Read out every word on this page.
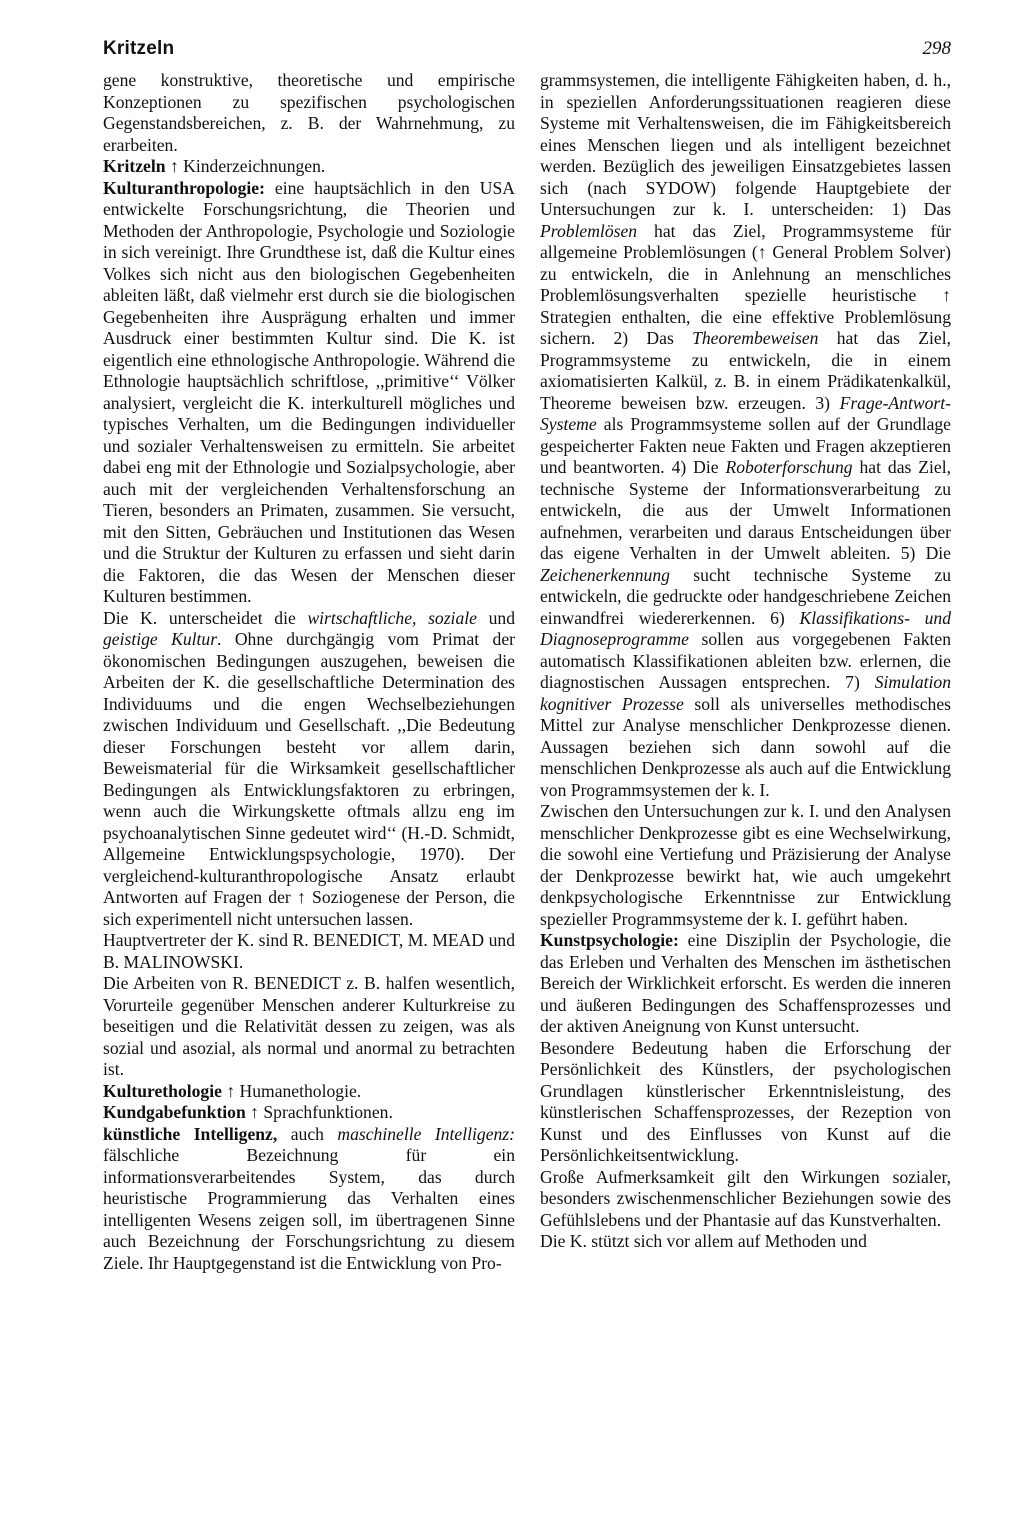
Kritzeln	298

gene konstruktive, theoretische und empirische Konzeptionen zu spezifischen psychologischen Gegenstandsbereichen, z. B. der Wahrnehmung, zu erarbeiten.

Kritzeln ↑ Kinderzeichnungen.

Kulturanthropologie: eine hauptsächlich in den USA entwickelte Forschungsrichtung, die Theorien und Methoden der Anthropologie, Psychologie und Soziologie in sich vereinigt. Ihre Grundthese ist, daß die Kultur eines Volkes sich nicht aus den biologischen Gegebenheiten ableiten läßt, daß vielmehr erst durch sie die biologischen Gegebenheiten ihre Ausprägung erhalten und immer Ausdruck einer bestimmten Kultur sind. Die K. ist eigentlich eine ethnologische Anthropologie. Während die Ethnologie hauptsächlich schriftlose, ,,primitive‘‘ Völker analysiert, vergleicht die K. interkulturell mögliches und typisches Verhalten, um die Bedingungen individueller und sozialer Verhaltensweisen zu ermitteln. Sie arbeitet dabei eng mit der Ethnologie und Sozialpsychologie, aber auch mit der vergleichenden Verhaltensforschung an Tieren, besonders an Primaten, zusammen. Sie versucht, mit den Sitten, Gebräuchen und Institutionen das Wesen und die Struktur der Kulturen zu erfassen und sieht darin die Faktoren, die das Wesen der Menschen dieser Kulturen bestimmen.

Die K. unterscheidet die wirtschaftliche, soziale und geistige Kultur. Ohne durchgängig vom Primat der ökonomischen Bedingungen auszugehen, beweisen die Arbeiten der K. die gesellschaftliche Determination des Individuums und die engen Wechselbeziehungen zwischen Individuum und Gesellschaft. ,,Die Bedeutung dieser Forschungen besteht vor allem darin, Beweismaterial für die Wirksamkeit gesellschaftlicher Bedingungen als Entwicklungsfaktoren zu erbringen, wenn auch die Wirkungskette oftmals allzu eng im psychoanalytischen Sinne gedeutet wird‘‘ (H.-D. Schmidt, Allgemeine Entwicklungspsychologie, 1970). Der vergleichend-kulturanthropologische Ansatz erlaubt Antworten auf Fragen der ↑ Soziogenese der Person, die sich experimentell nicht untersuchen lassen.

Hauptvertreter der K. sind R. BENEDICT, M. MEAD und B. MALINOWSKI.

Die Arbeiten von R. BENEDICT z. B. halfen wesentlich, Vorurteile gegenüber Menschen anderer Kulturkreise zu beseitigen und die Relativität dessen zu zeigen, was als sozial und asozial, als normal und anormal zu betrachten ist.

Kulturethologie ↑ Humanethologie.

Kundgabefunktion ↑ Sprachfunktionen.

künstliche Intelligenz, auch maschinelle Intelligenz: fälschliche Bezeichnung für ein informationsverarbeitendes System, das durch heuristische Programmierung das Verhalten eines intelligenten Wesens zeigen soll, im übertragenen Sinne auch Bezeichnung der Forschungsrichtung zu diesem Ziele. Ihr Hauptgegenstand ist die Entwicklung von Pro-

grammsystemen, die intelligente Fähigkeiten haben, d. h., in speziellen Anforderungssituationen reagieren diese Systeme mit Verhaltensweisen, die im Fähigkeitsbereich eines Menschen liegen und als intelligent bezeichnet werden. Bezüglich des jeweiligen Einsatzgebietes lassen sich (nach SYDOW) folgende Hauptgebiete der Untersuchungen zur k. I. unterscheiden: 1) Das Problemlösen hat das Ziel, Programmsysteme für allgemeine Problemlösungen (↑ General Problem Solver) zu entwickeln, die in Anlehnung an menschliches Problemlösungsverhalten spezielle heuristische ↑ Strategien enthalten, die eine effektive Problemlösung sichern. 2) Das Theorembeweisen hat das Ziel, Programmsysteme zu entwickeln, die in einem axiomatisierten Kalkül, z. B. in einem Prädikatenkalkül, Theoreme beweisen bzw. erzeugen. 3) Frage-Antwort-Systeme als Programmsysteme sollen auf der Grundlage gespeicherter Fakten neue Fakten und Fragen akzeptieren und beantworten. 4) Die Roboterforschung hat das Ziel, technische Systeme der Informationsverarbeitung zu entwickeln, die aus der Umwelt Informationen aufnehmen, verarbeiten und daraus Entscheidungen über das eigene Verhalten in der Umwelt ableiten. 5) Die Zeichenerkennung sucht technische Systeme zu entwickeln, die gedruckte oder handgeschriebene Zeichen einwandfrei wiedererkennen. 6) Klassifikations- und Diagnoseprogramme sollen aus vorgegebenen Fakten automatisch Klassifikationen ableiten bzw. erlernen, die diagnostischen Aussagen entsprechen. 7) Simulation kognitiver Prozesse soll als universelles methodisches Mittel zur Analyse menschlicher Denkprozesse dienen. Aussagen beziehen sich dann sowohl auf die menschlichen Denkprozesse als auch auf die Entwicklung von Programmsystemen der k. I.

Zwischen den Untersuchungen zur k. I. und den Analysen menschlicher Denkprozesse gibt es eine Wechselwirkung, die sowohl eine Vertiefung und Präzisierung der Analyse der Denkprozesse bewirkt hat, wie auch umgekehrt denkpsychologische Erkenntnisse zur Entwicklung spezieller Programmsysteme der k. I. geführt haben.

Kunstpsychologie: eine Disziplin der Psychologie, die das Erleben und Verhalten des Menschen im ästhetischen Bereich der Wirklichkeit erforscht. Es werden die inneren und äußeren Bedingungen des Schaffensprozesses und der aktiven Aneignung von Kunst untersucht.

Besondere Bedeutung haben die Erforschung der Persönlichkeit des Künstlers, der psychologischen Grundlagen künstlerischer Erkenntnisleistung, des künstlerischen Schaffensprozesses, der Rezeption von Kunst und des Einflusses von Kunst auf die Persönlichkeitsentwicklung.

Große Aufmerksamkeit gilt den Wirkungen sozialer, besonders zwischenmenschlicher Beziehungen sowie des Gefühlslebens und der Phantasie auf das Kunstverhalten.

Die K. stützt sich vor allem auf Methoden und
